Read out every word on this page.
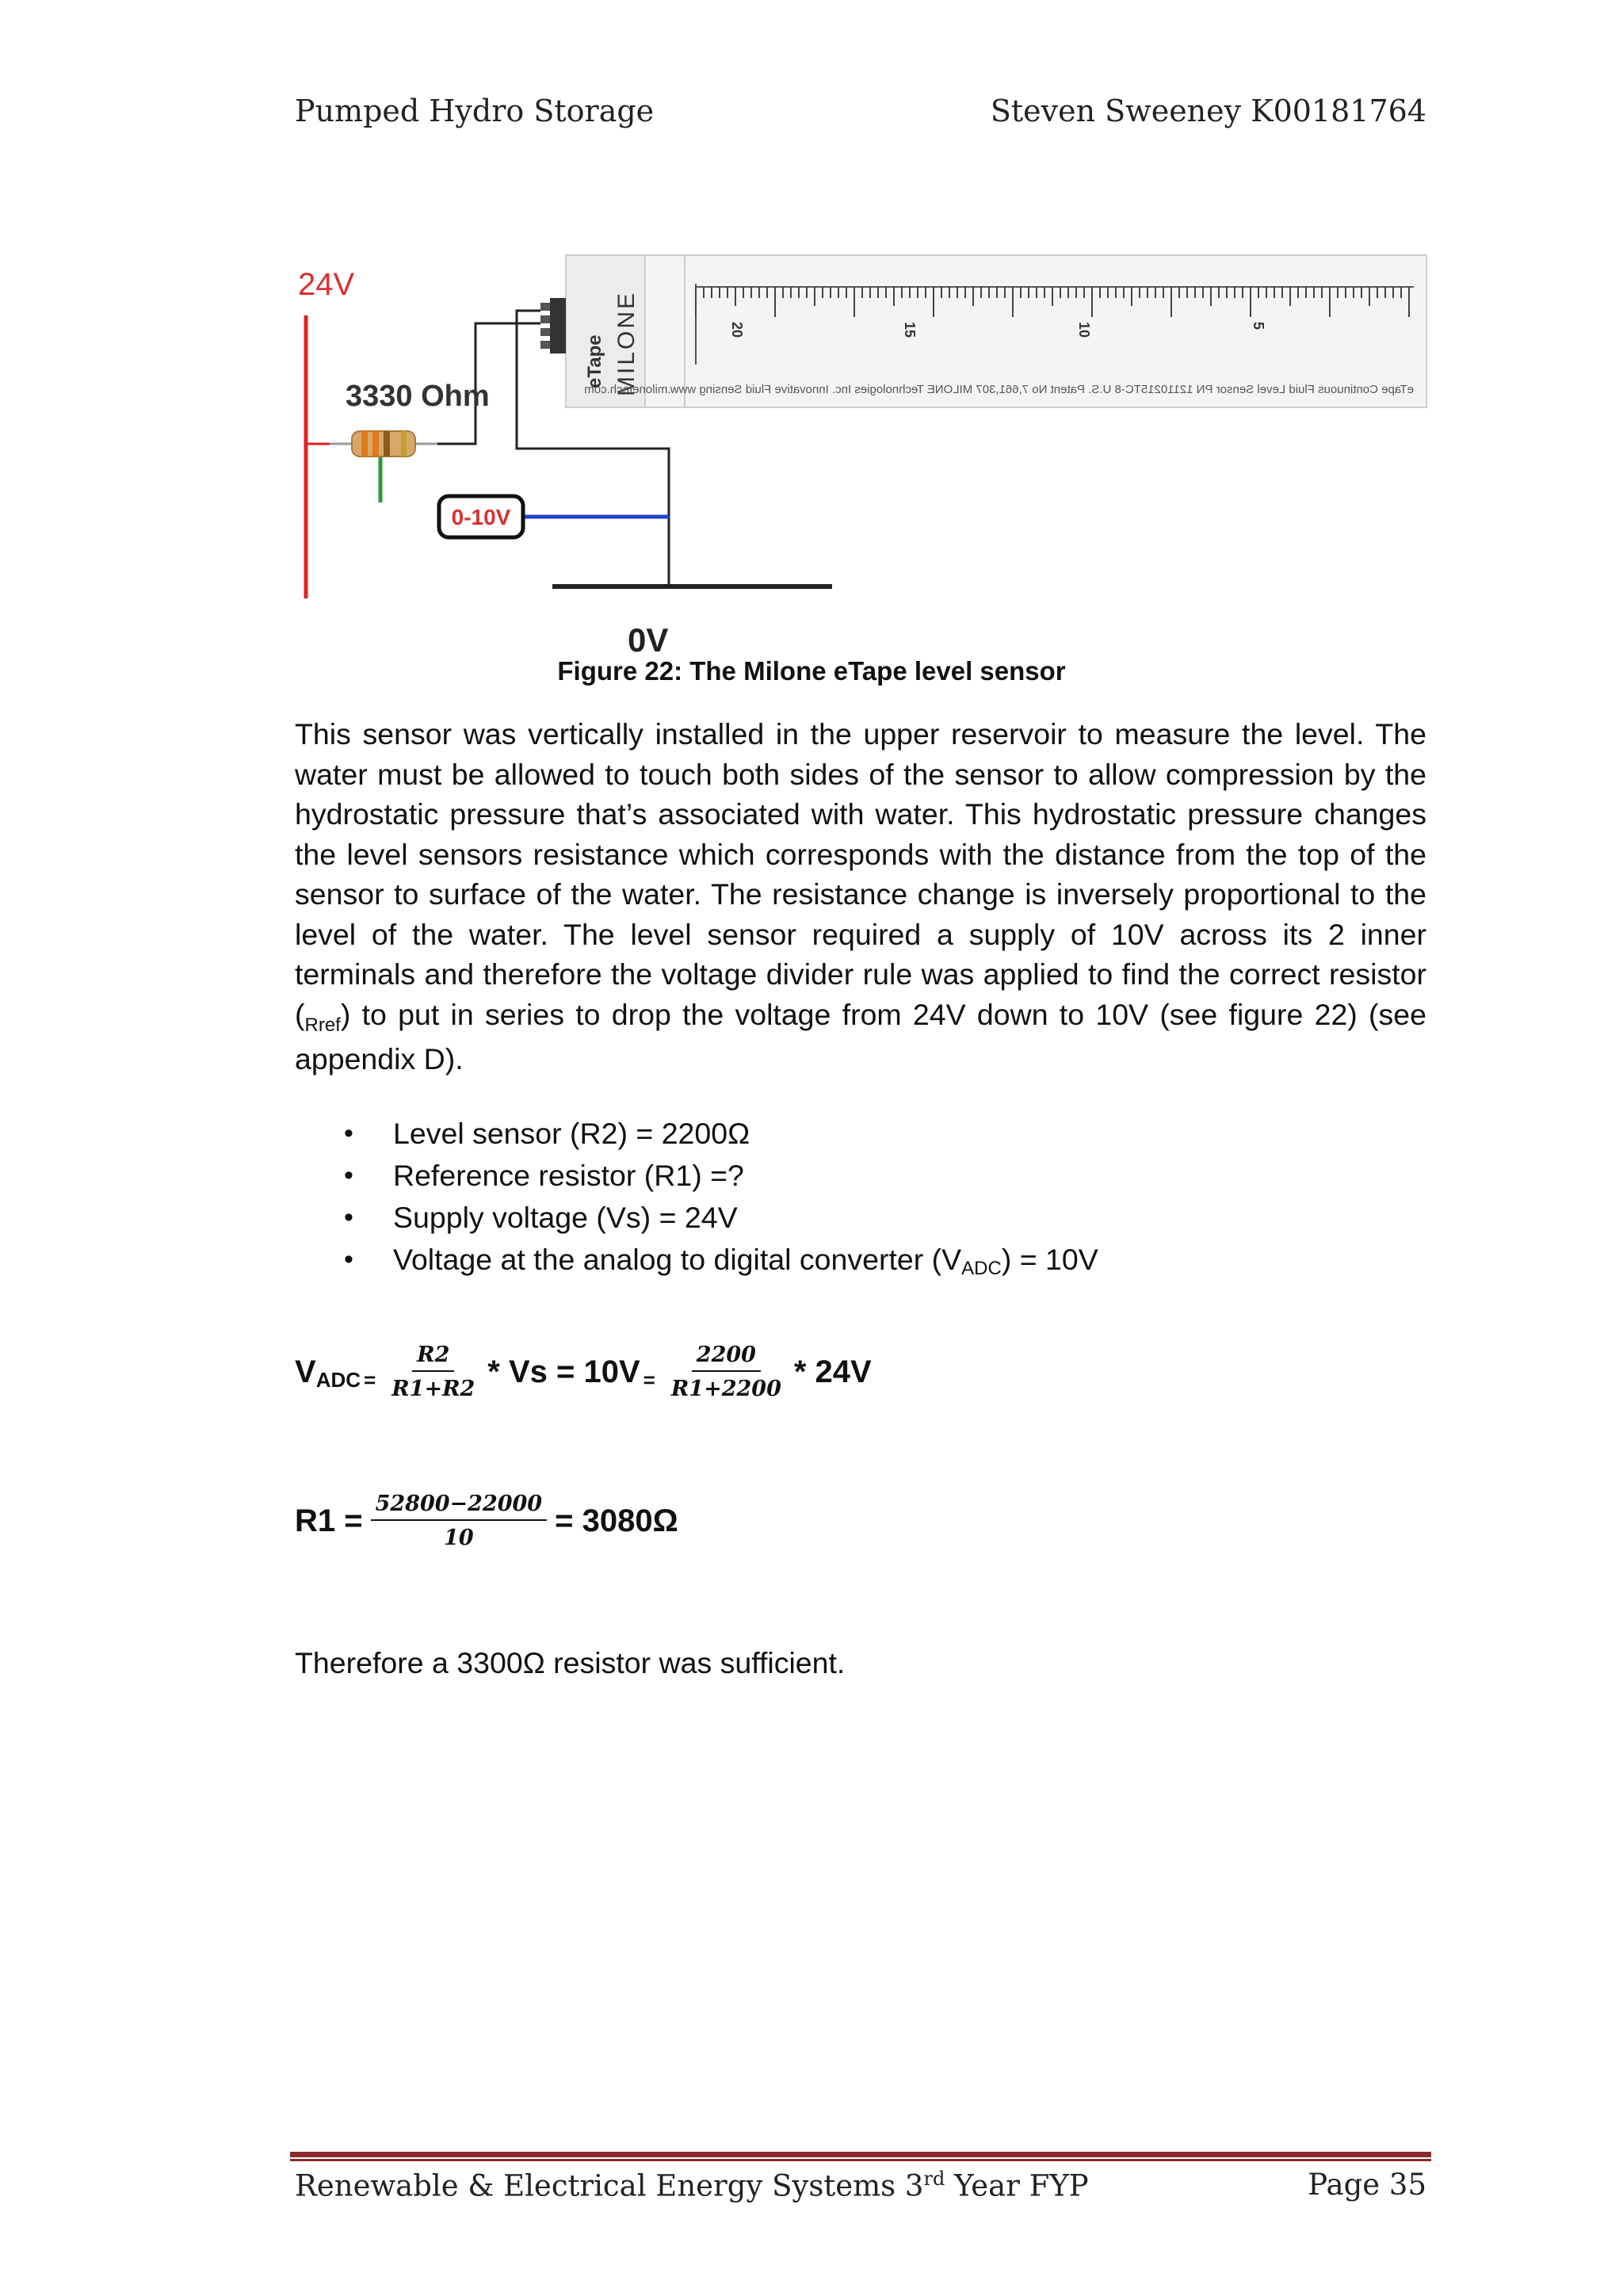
Pumped Hydro Storage	Steven Sweeney K00181764
eTape MILONE	20	15	10	5
eTape Continuous Fluid Level Sensor PN 12110215TC-8 U.S. Patent No 7,661,307 MILONE Technologies Inc. Innovative Fluid Sensing www.milonetech.com
0-10V
24V
3330 Ohm
0V
Figure 22: The Milone eTape level sensor
This sensor was vertically installed in the upper reservoir to measure the level. The water must be allowed to touch both sides of the sensor to allow compression by the hydrostatic pressure that’s associated with water. This hydrostatic pressure changes the level sensors resistance which corresponds with the distance from the top of the sensor to surface of the water. The resistance change is inversely proportional to the level of the water. The level sensor required a supply of 10V across its 2 inner terminals and therefore the voltage divider rule was applied to find the correct resistor $(_{Rref})$ to put in series to drop the voltage from 24V down to 10V (see figure 22) (see appendix D).
• Level sensor (R2) = 2200Ω
• Reference resistor (R1) =?
• Supply voltage (Vs) = 24V
• Voltage at the analog to digital converter $(V_{ADC}) = 10V$
$V_{ADC} = \frac{R2}{R1+R2} * Vs = 10V = \frac{2200}{R1+2200} * 24V$
$R1 = \frac{52800-22000}{10} = 3080\Omega$
Therefore a 3300Ω resistor was sufficient.
Renewable & Electrical Energy Systems 3rd Year FYP	Page 35
